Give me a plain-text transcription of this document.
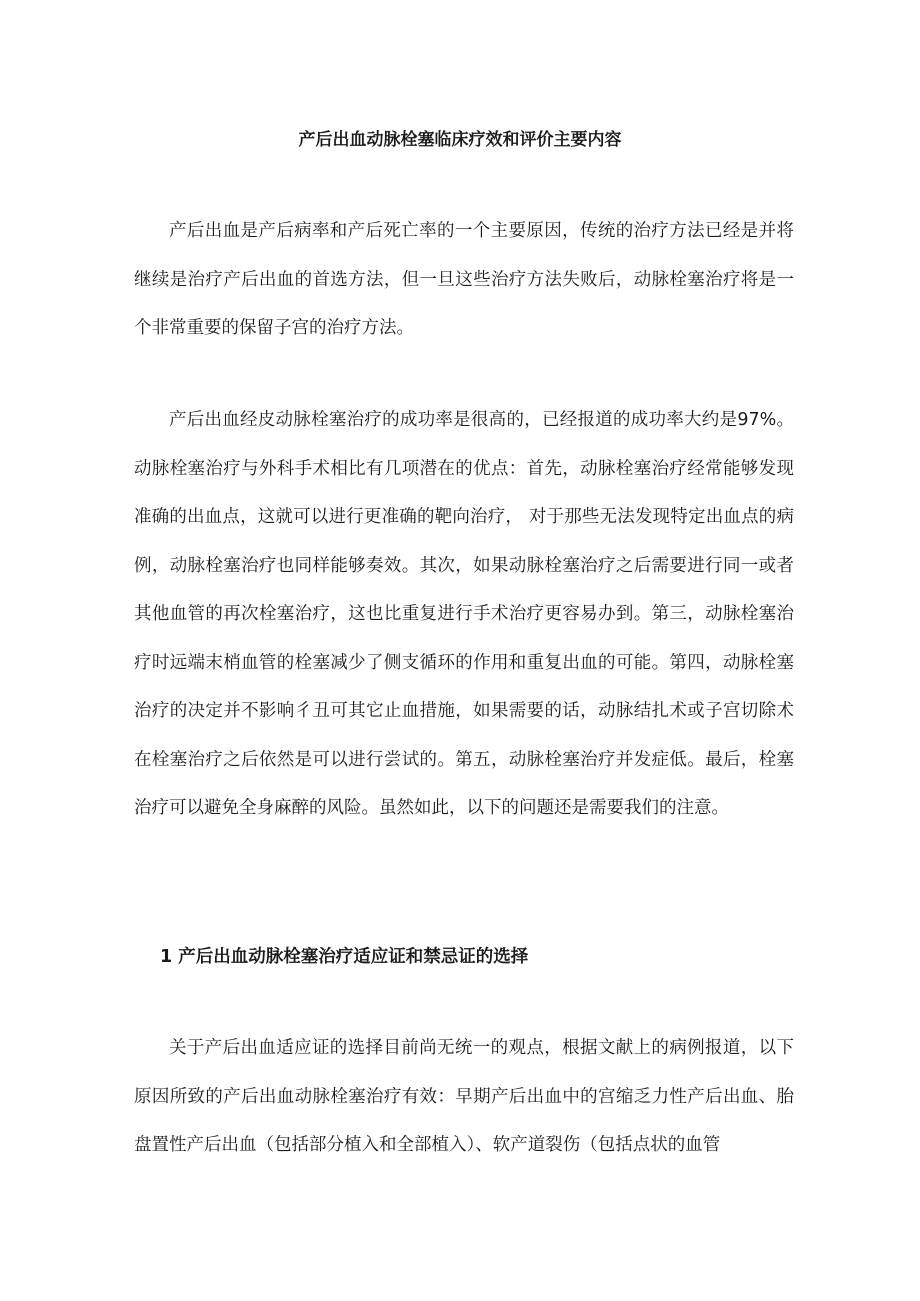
产后出血动脉栓塞临床疗效和评价主要内容

产后出血是产后病率和产后死亡率的一个主要原因，传统的治疗方法已经是并将继续是治疗产后出血的首选方法，但一旦这些治疗方法失败后，动脉栓塞治疗将是一个非常重要的保留子宫的治疗方法。

产后出血经皮动脉栓塞治疗的成功率是很高的，已经报道的成功率大约是97%。动脉栓塞治疗与外科手术相比有几项潜在的优点：首先，动脉栓塞治疗经常能够发现准确的出血点，这就可以进行更准确的靶向治疗， 对于那些无法发现特定出血点的病例，动脉栓塞治疗也同样能够奏效。其次，如果动脉栓塞治疗之后需要进行同一或者其他血管的再次栓塞治疗，这也比重复进行手术治疗更容易办到。第三，动脉栓塞治疗时远端末梢血管的栓塞减少了侧支循环的作用和重复出血的可能。第四，动脉栓塞治疗的决定并不影响彳丑可其它止血措施，如果需要的话，动脉结扎术或子宫切除术在栓塞治疗之后依然是可以进行尝试的。第五，动脉栓塞治疗并发症低。最后，栓塞治疗可以避免全身麻醉的风险。虽然如此，以下的问题还是需要我们的注意。

1 产后出血动脉栓塞治疗适应证和禁忌证的选择

关于产后出血适应证的选择目前尚无统一的观点，根据文献上的病例报道，以下原因所致的产后出血动脉栓塞治疗有效：早期产后出血中的宫缩乏力性产后出血、胎盘置性产后出血（包括部分植入和全部植入）、软产道裂伤（包括点状的血管
